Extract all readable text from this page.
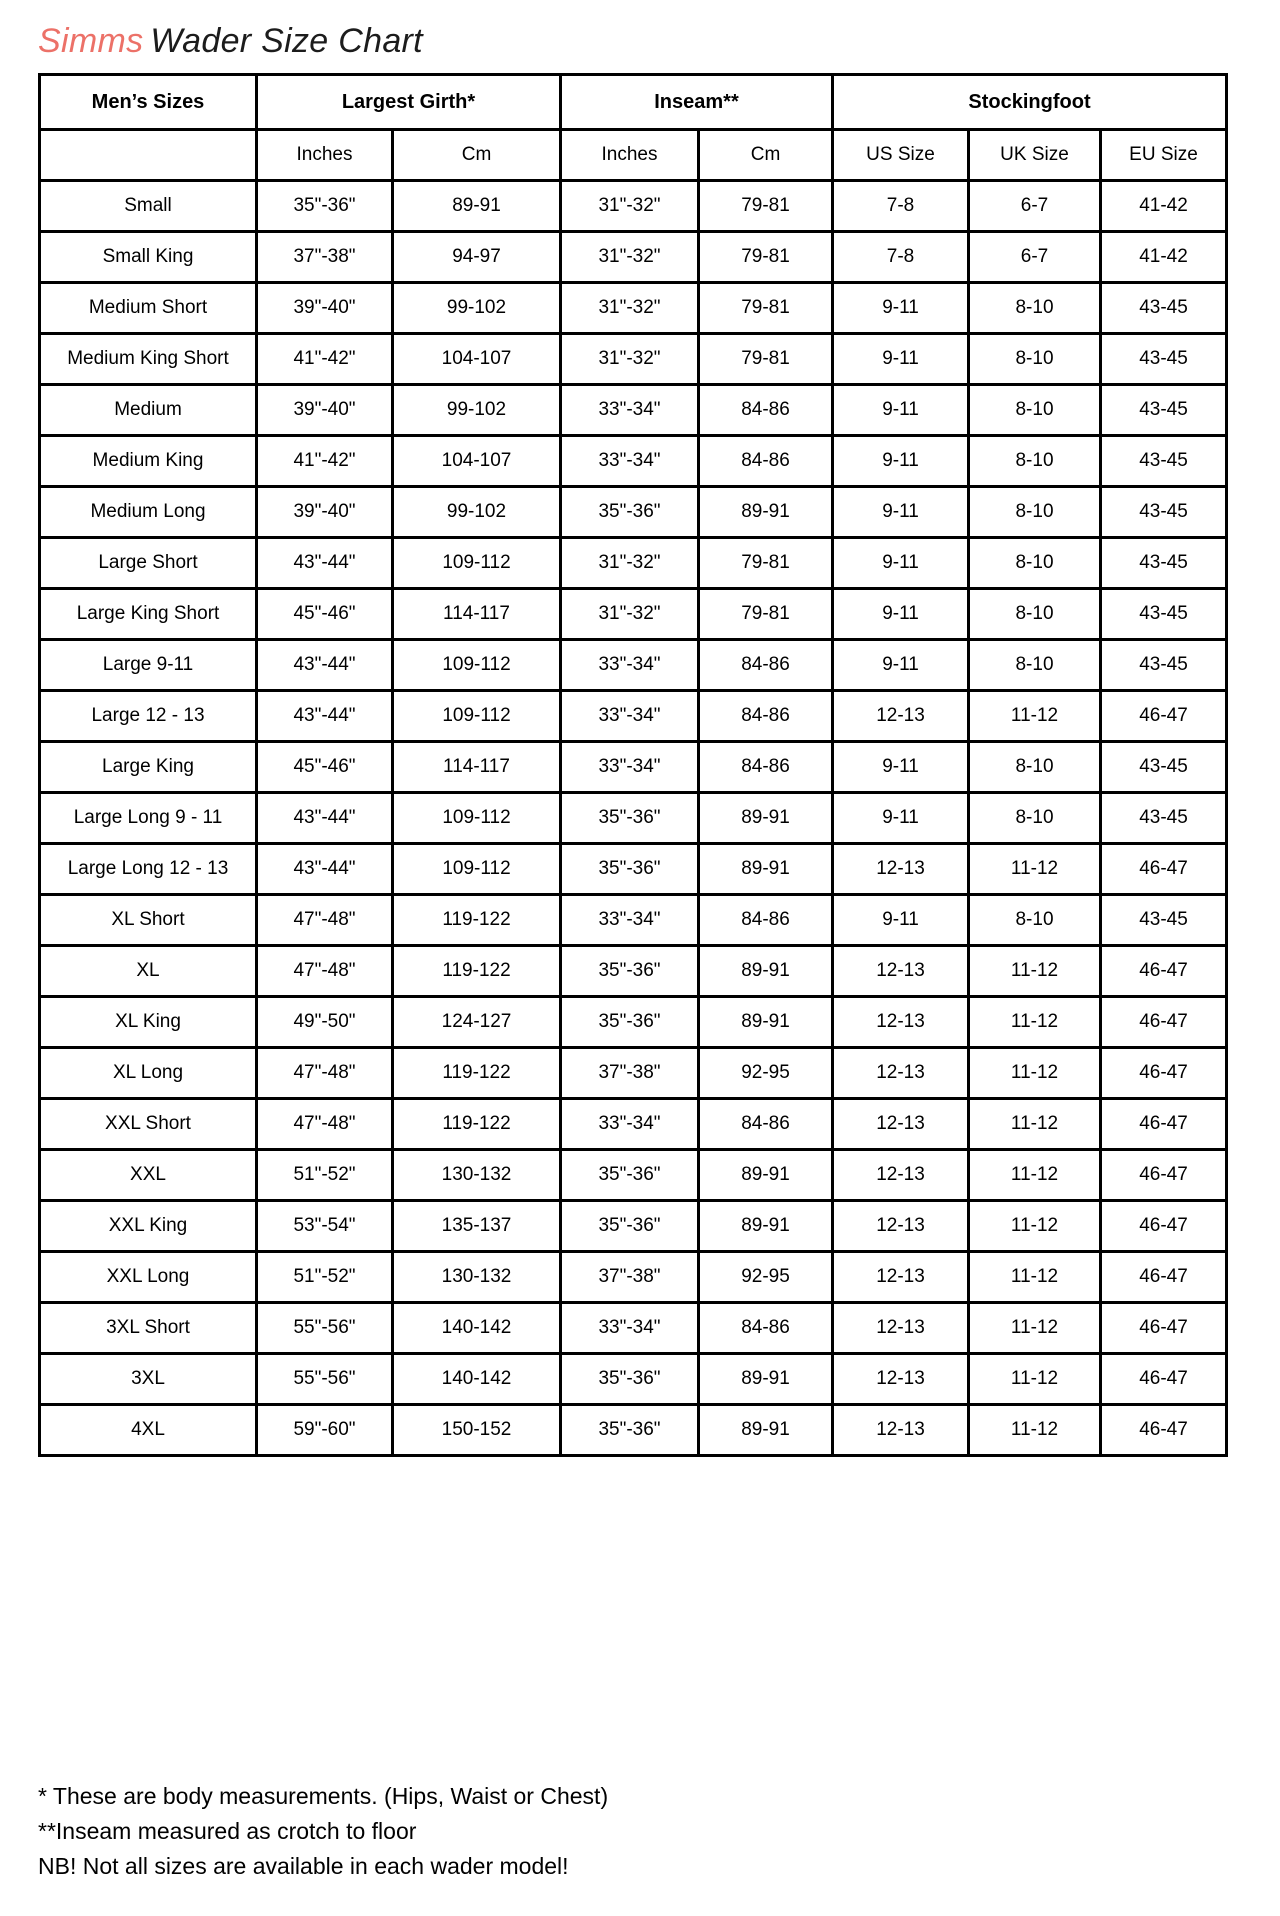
Simms Wader Size Chart
Men’s Sizes	Largest Girth*		Inseam**		Stockingfoot		
	Inches	Cm	Inches	Cm	US Size	UK Size	EU Size
Small	35"-36"	89-91	31"-32"	79-81	7-8	6-7	41-42
Small King	37"-38"	94-97	31"-32"	79-81	7-8	6-7	41-42
Medium Short	39"-40"	99-102	31"-32"	79-81	9-11	8-10	43-45
Medium King Short	41"-42"	104-107	31"-32"	79-81	9-11	8-10	43-45
Medium	39"-40"	99-102	33"-34"	84-86	9-11	8-10	43-45
Medium King	41"-42"	104-107	33"-34"	84-86	9-11	8-10	43-45
Medium Long	39"-40"	99-102	35"-36"	89-91	9-11	8-10	43-45
Large Short	43"-44"	109-112	31"-32"	79-81	9-11	8-10	43-45
Large King Short	45"-46"	114-117	31"-32"	79-81	9-11	8-10	43-45
Large 9-11	43"-44"	109-112	33"-34"	84-86	9-11	8-10	43-45
Large 12 - 13	43"-44"	109-112	33"-34"	84-86	12-13	11-12	46-47
Large King	45"-46"	114-117	33"-34"	84-86	9-11	8-10	43-45
Large Long 9 - 11	43"-44"	109-112	35"-36"	89-91	9-11	8-10	43-45
Large Long 12 - 13	43"-44"	109-112	35"-36"	89-91	12-13	11-12	46-47
XL Short	47"-48"	119-122	33"-34"	84-86	9-11	8-10	43-45
XL	47"-48"	119-122	35"-36"	89-91	12-13	11-12	46-47
XL King	49"-50"	124-127	35"-36"	89-91	12-13	11-12	46-47
XL Long	47"-48"	119-122	37"-38"	92-95	12-13	11-12	46-47
XXL Short	47"-48"	119-122	33"-34"	84-86	12-13	11-12	46-47
XXL	51"-52"	130-132	35"-36"	89-91	12-13	11-12	46-47
XXL King	53"-54"	135-137	35"-36"	89-91	12-13	11-12	46-47
XXL Long	51"-52"	130-132	37"-38"	92-95	12-13	11-12	46-47
3XL Short	55"-56"	140-142	33"-34"	84-86	12-13	11-12	46-47
3XL	55"-56"	140-142	35"-36"	89-91	12-13	11-12	46-47
4XL	59"-60"	150-152	35"-36"	89-91	12-13	11-12	46-47
* These are body measurements. (Hips, Waist or Chest)
**Inseam measured as crotch to floor
NB! Not all sizes are available in each wader model!
